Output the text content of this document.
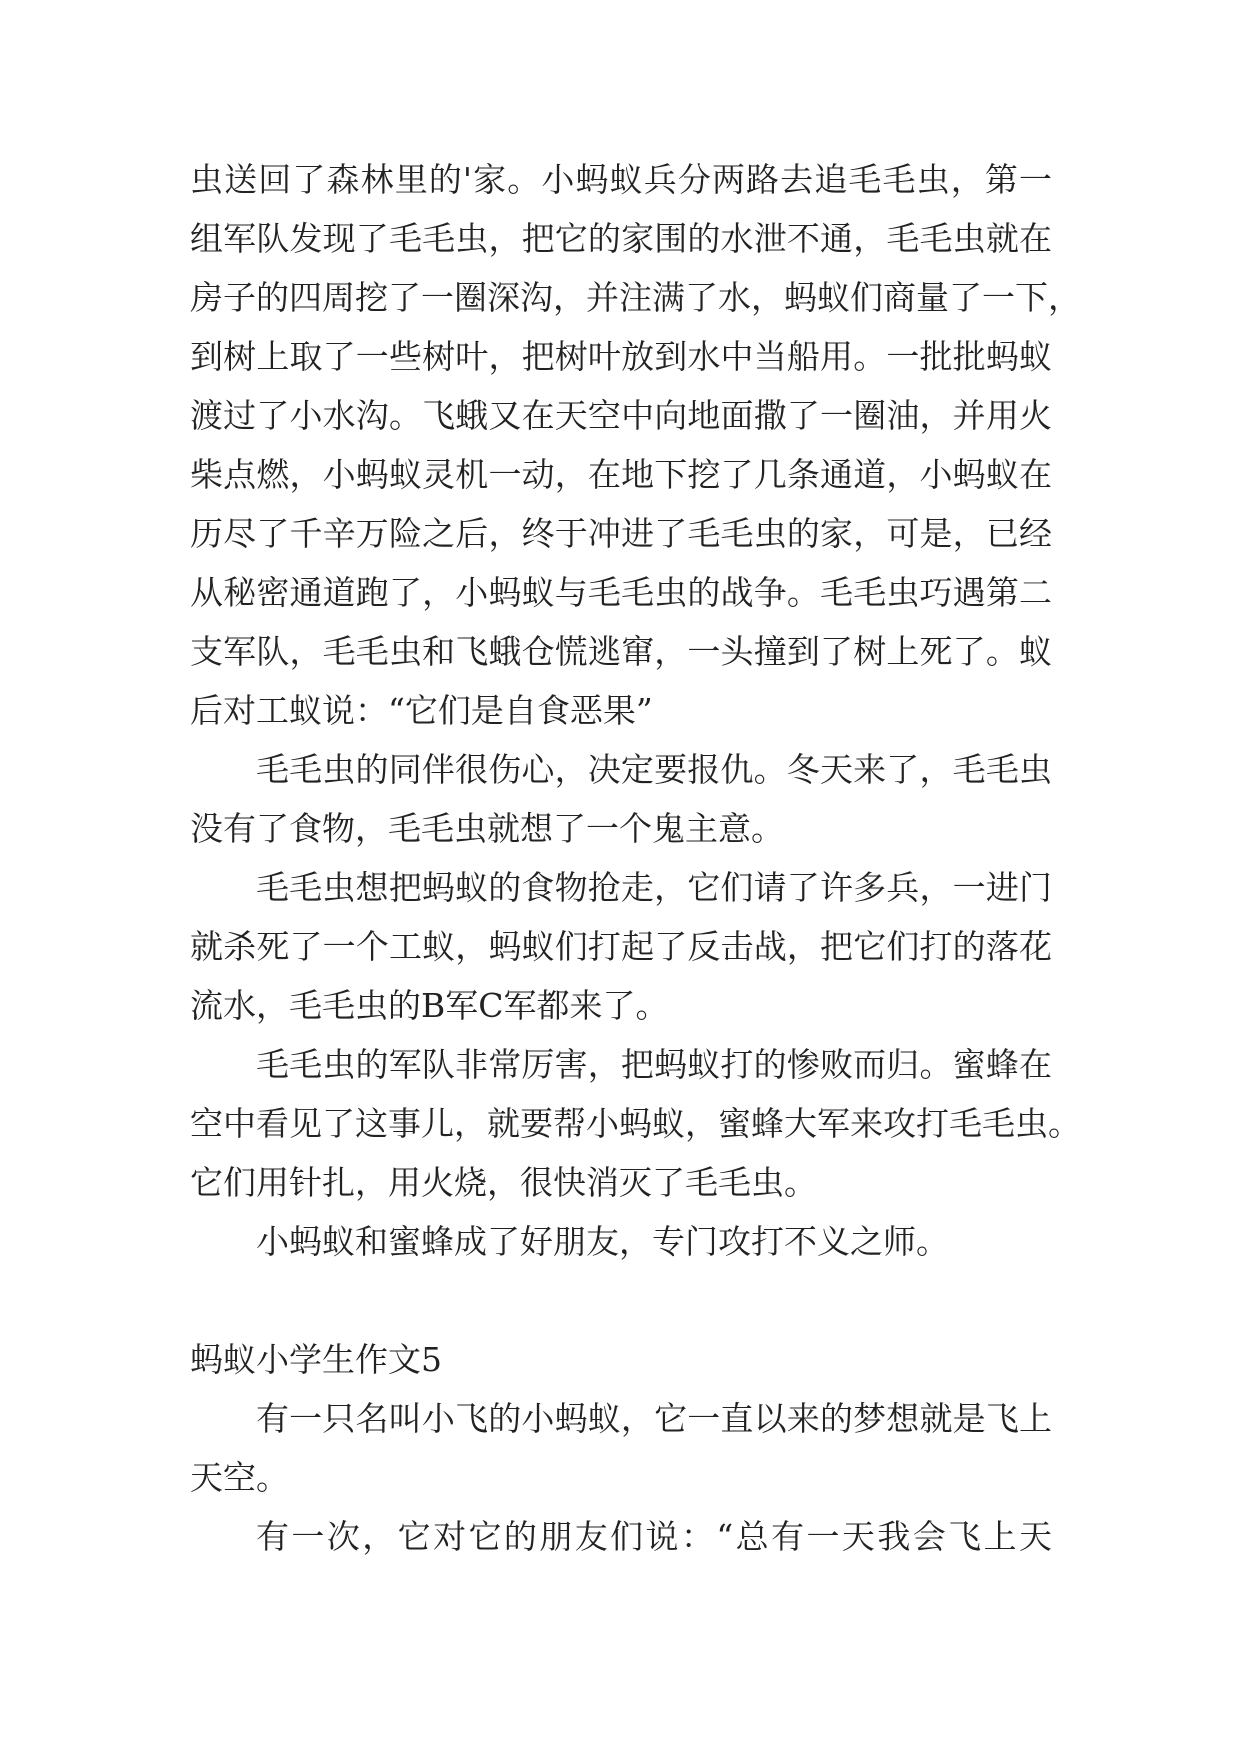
虫送回了森林里的'家。小蚂蚁兵分两路去追毛毛虫，第一
组军队发现了毛毛虫，把它的家围的水泄不通，毛毛虫就在
房子的四周挖了一圈深沟，并注满了水，蚂蚁们商量了一下，
到树上取了一些树叶，把树叶放到水中当船用。一批批蚂蚁
渡过了小水沟。飞蛾又在天空中向地面撒了一圈油，并用火
柴点燃，小蚂蚁灵机一动，在地下挖了几条通道，小蚂蚁在
历尽了千辛万险之后，终于冲进了毛毛虫的家，可是，已经
从秘密通道跑了，小蚂蚁与毛毛虫的战争。毛毛虫巧遇第二
支军队，毛毛虫和飞蛾仓慌逃窜，一头撞到了树上死了。蚁
后对工蚁说：“它们是自食恶果”
毛毛虫的同伴很伤心，决定要报仇。冬天来了，毛毛虫
没有了食物，毛毛虫就想了一个鬼主意。
毛毛虫想把蚂蚁的食物抢走，它们请了许多兵，一进门
就杀死了一个工蚁，蚂蚁们打起了反击战，把它们打的落花
流水，毛毛虫的B军C军都来了。
毛毛虫的军队非常厉害，把蚂蚁打的惨败而归。蜜蜂在
空中看见了这事儿，就要帮小蚂蚁，蜜蜂大军来攻打毛毛虫。
它们用针扎，用火烧，很快消灭了毛毛虫。
小蚂蚁和蜜蜂成了好朋友，专门攻打不义之师。
蚂蚁小学生作文5
有一只名叫小飞的小蚂蚁，它一直以来的梦想就是飞上
天空。
有一次，它对它的朋友们说：“总有一天我会飞上天
